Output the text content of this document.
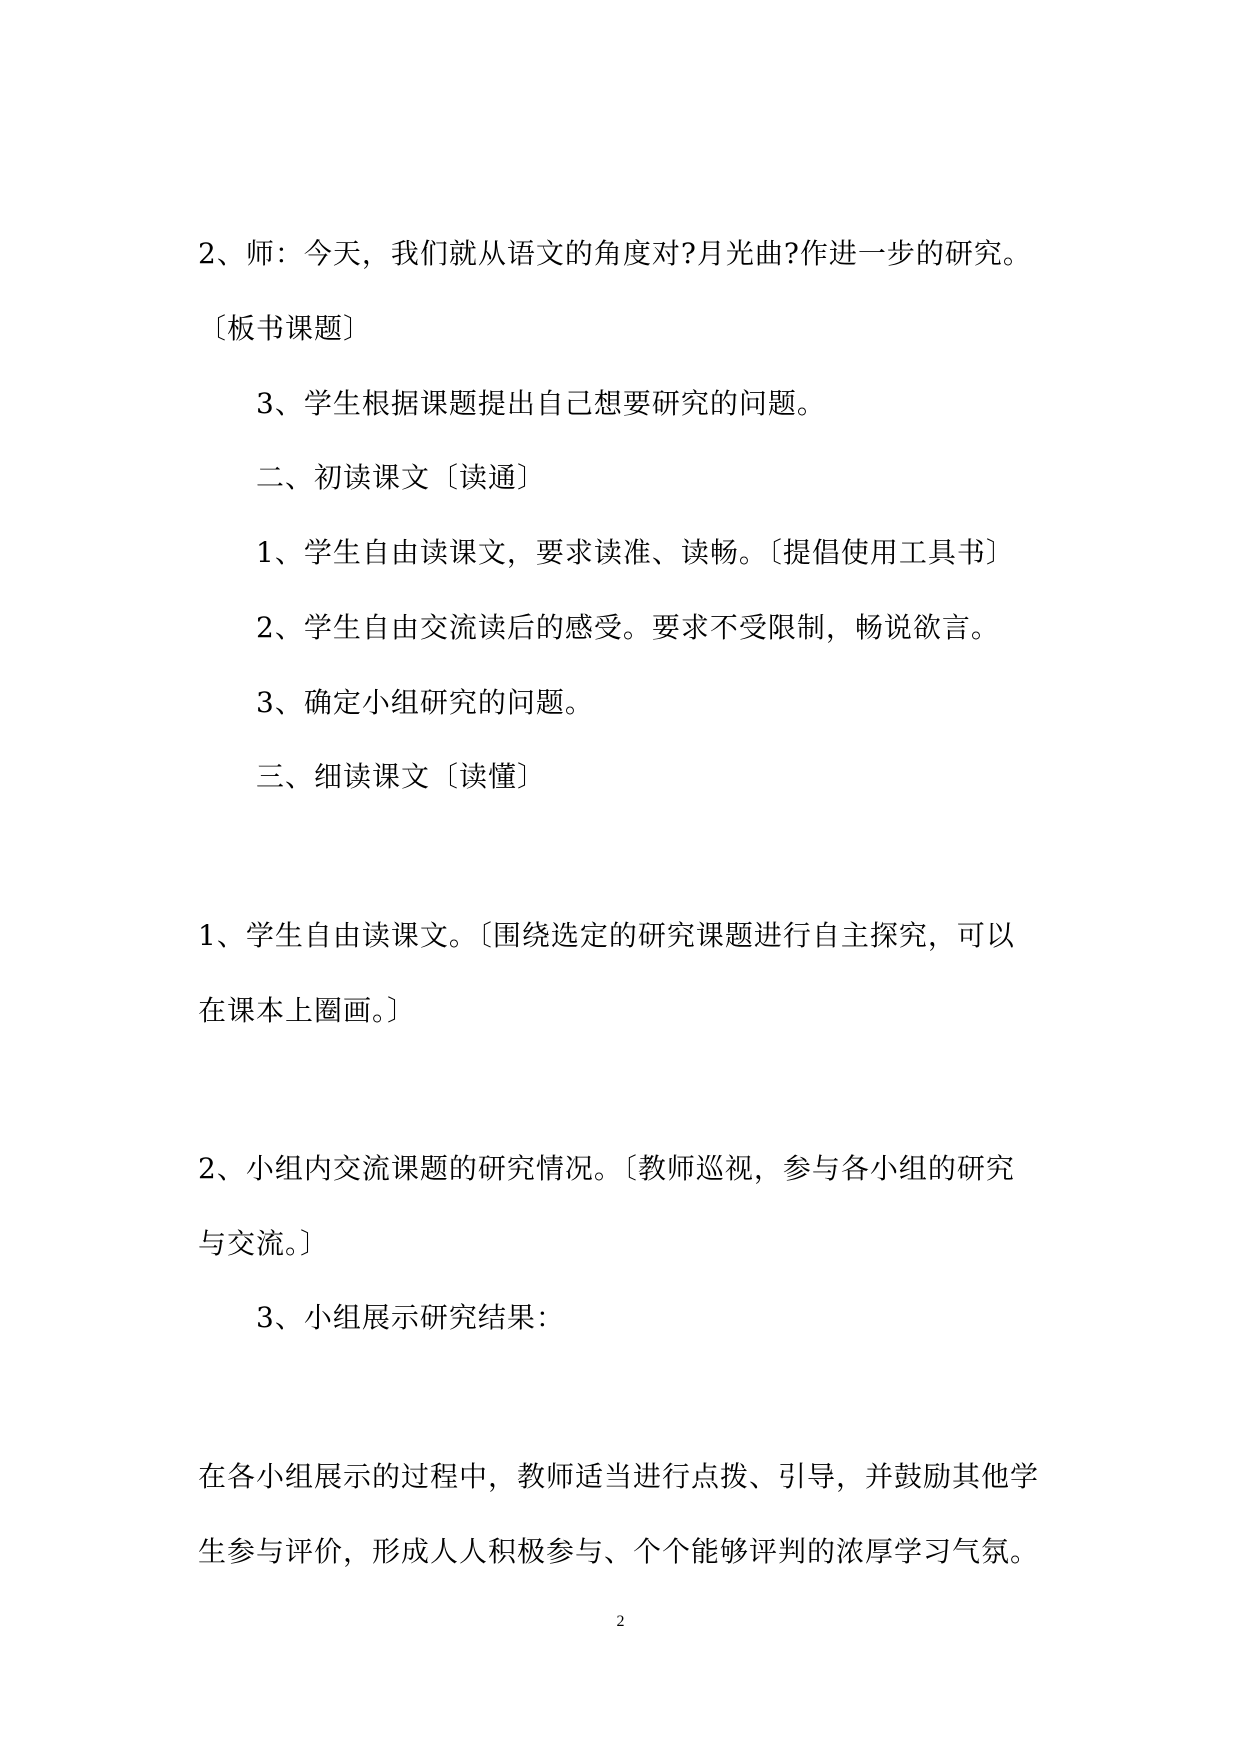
2、师：今天，我们就从语文的角度对?月光曲?作进一步的研究。
〔板书课题〕
3、学生根据课题提出自己想要研究的问题。
二、初读课文〔读通〕
1、学生自由读课文，要求读准、读畅。〔提倡使用工具书〕
2、学生自由交流读后的感受。要求不受限制，畅说欲言。
3、确定小组研究的问题。
三、细读课文〔读懂〕
1、学生自由读课文。〔围绕选定的研究课题进行自主探究，可以
在课本上圈画。〕
2、小组内交流课题的研究情况。〔教师巡视，参与各小组的研究
与交流。〕
3、小组展示研究结果：
在各小组展示的过程中，教师适当进行点拨、引导，并鼓励其他学
生参与评价，形成人人积极参与、个个能够评判的浓厚学习气氛。
2
